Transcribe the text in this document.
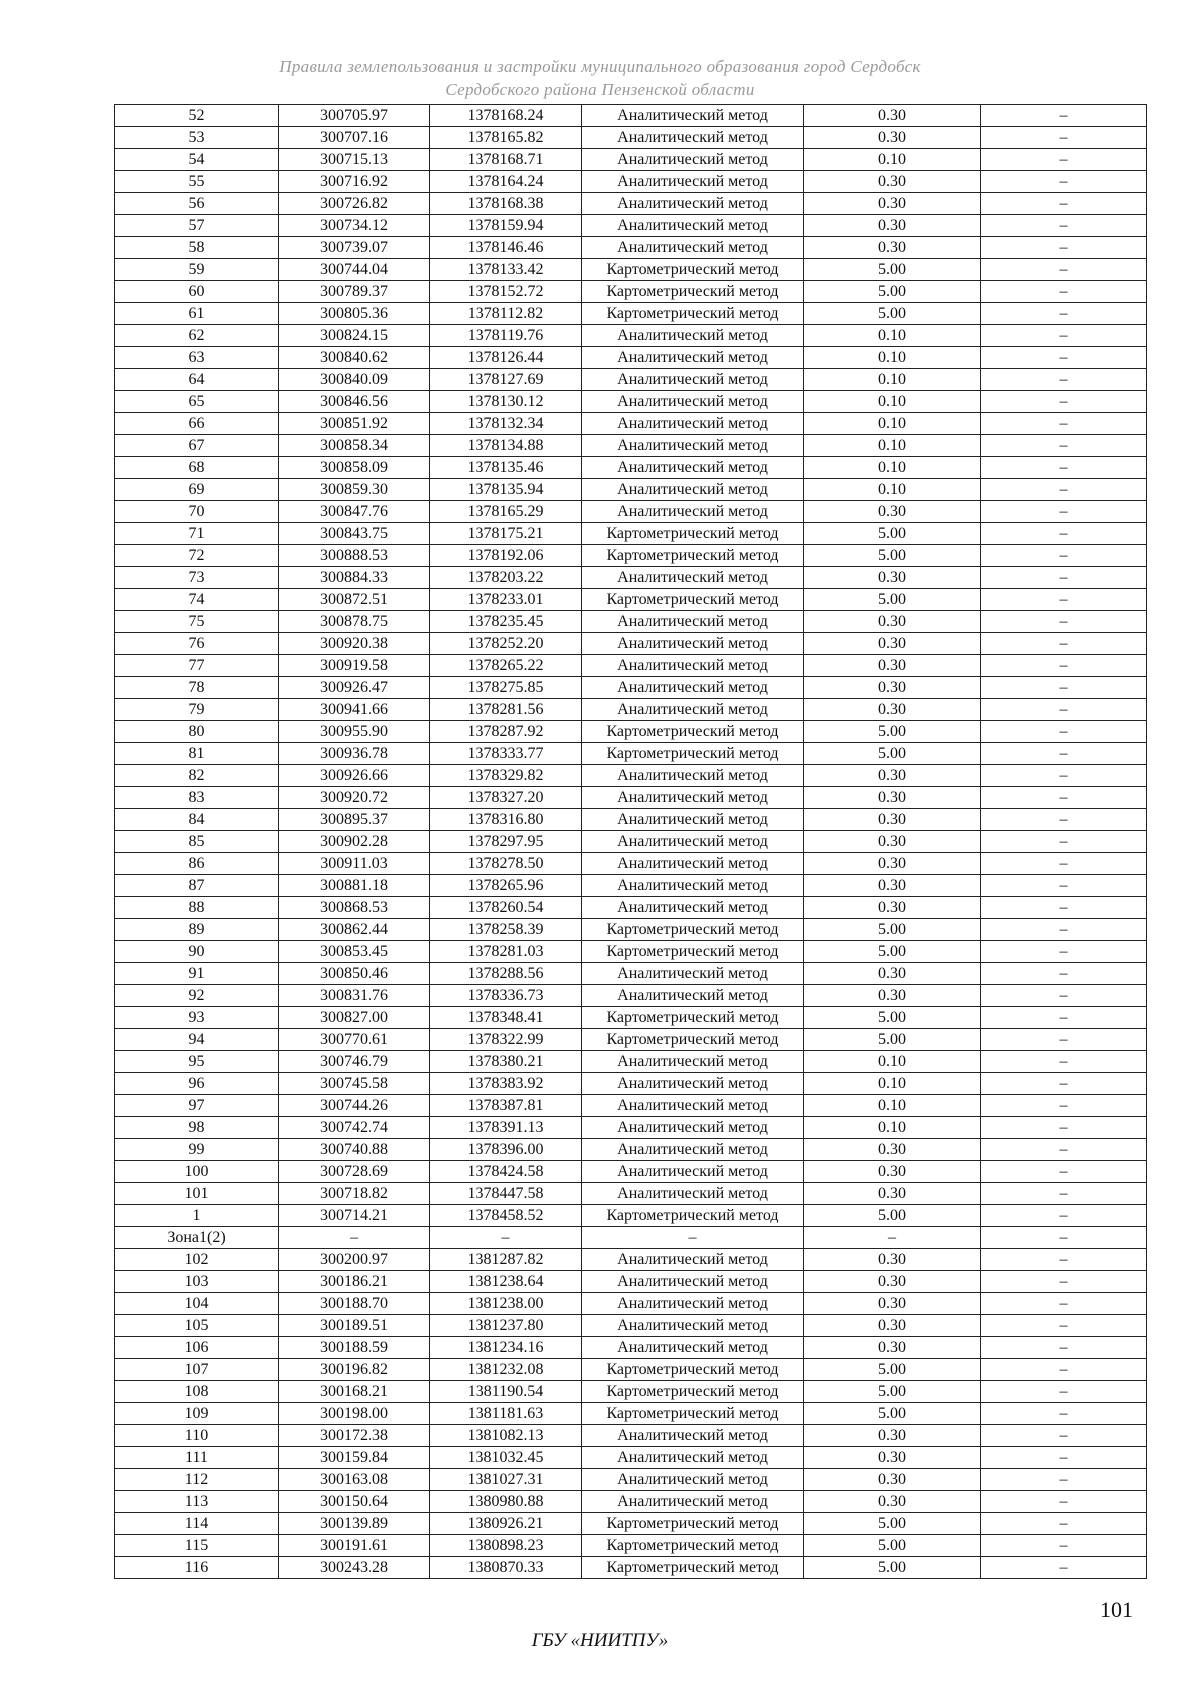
Правила землепользования и застройки муниципального образования город Сердобск
Сердобского района Пензенской области
52	300705.97	1378168.24	Аналитический метод	0.30	–
53	300707.16	1378165.82	Аналитический метод	0.30	–
54	300715.13	1378168.71	Аналитический метод	0.10	–
55	300716.92	1378164.24	Аналитический метод	0.30	–
56	300726.82	1378168.38	Аналитический метод	0.30	–
57	300734.12	1378159.94	Аналитический метод	0.30	–
58	300739.07	1378146.46	Аналитический метод	0.30	–
59	300744.04	1378133.42	Картометрический метод	5.00	–
60	300789.37	1378152.72	Картометрический метод	5.00	–
61	300805.36	1378112.82	Картометрический метод	5.00	–
62	300824.15	1378119.76	Аналитический метод	0.10	–
63	300840.62	1378126.44	Аналитический метод	0.10	–
64	300840.09	1378127.69	Аналитический метод	0.10	–
65	300846.56	1378130.12	Аналитический метод	0.10	–
66	300851.92	1378132.34	Аналитический метод	0.10	–
67	300858.34	1378134.88	Аналитический метод	0.10	–
68	300858.09	1378135.46	Аналитический метод	0.10	–
69	300859.30	1378135.94	Аналитический метод	0.10	–
70	300847.76	1378165.29	Аналитический метод	0.30	–
71	300843.75	1378175.21	Картометрический метод	5.00	–
72	300888.53	1378192.06	Картометрический метод	5.00	–
73	300884.33	1378203.22	Аналитический метод	0.30	–
74	300872.51	1378233.01	Картометрический метод	5.00	–
75	300878.75	1378235.45	Аналитический метод	0.30	–
76	300920.38	1378252.20	Аналитический метод	0.30	–
77	300919.58	1378265.22	Аналитический метод	0.30	–
78	300926.47	1378275.85	Аналитический метод	0.30	–
79	300941.66	1378281.56	Аналитический метод	0.30	–
80	300955.90	1378287.92	Картометрический метод	5.00	–
81	300936.78	1378333.77	Картометрический метод	5.00	–
82	300926.66	1378329.82	Аналитический метод	0.30	–
83	300920.72	1378327.20	Аналитический метод	0.30	–
84	300895.37	1378316.80	Аналитический метод	0.30	–
85	300902.28	1378297.95	Аналитический метод	0.30	–
86	300911.03	1378278.50	Аналитический метод	0.30	–
87	300881.18	1378265.96	Аналитический метод	0.30	–
88	300868.53	1378260.54	Аналитический метод	0.30	–
89	300862.44	1378258.39	Картометрический метод	5.00	–
90	300853.45	1378281.03	Картометрический метод	5.00	–
91	300850.46	1378288.56	Аналитический метод	0.30	–
92	300831.76	1378336.73	Аналитический метод	0.30	–
93	300827.00	1378348.41	Картометрический метод	5.00	–
94	300770.61	1378322.99	Картометрический метод	5.00	–
95	300746.79	1378380.21	Аналитический метод	0.10	–
96	300745.58	1378383.92	Аналитический метод	0.10	–
97	300744.26	1378387.81	Аналитический метод	0.10	–
98	300742.74	1378391.13	Аналитический метод	0.10	–
99	300740.88	1378396.00	Аналитический метод	0.30	–
100	300728.69	1378424.58	Аналитический метод	0.30	–
101	300718.82	1378447.58	Аналитический метод	0.30	–
1	300714.21	1378458.52	Картометрический метод	5.00	–
Зона1(2)	–	–	–	–	–
102	300200.97	1381287.82	Аналитический метод	0.30	–
103	300186.21	1381238.64	Аналитический метод	0.30	–
104	300188.70	1381238.00	Аналитический метод	0.30	–
105	300189.51	1381237.80	Аналитический метод	0.30	–
106	300188.59	1381234.16	Аналитический метод	0.30	–
107	300196.82	1381232.08	Картометрический метод	5.00	–
108	300168.21	1381190.54	Картометрический метод	5.00	–
109	300198.00	1381181.63	Картометрический метод	5.00	–
110	300172.38	1381082.13	Аналитический метод	0.30	–
111	300159.84	1381032.45	Аналитический метод	0.30	–
112	300163.08	1381027.31	Аналитический метод	0.30	–
113	300150.64	1380980.88	Аналитический метод	0.30	–
114	300139.89	1380926.21	Картометрический метод	5.00	–
115	300191.61	1380898.23	Картометрический метод	5.00	–
116	300243.28	1380870.33	Картометрический метод	5.00	–
101
ГБУ «НИИТПУ»
